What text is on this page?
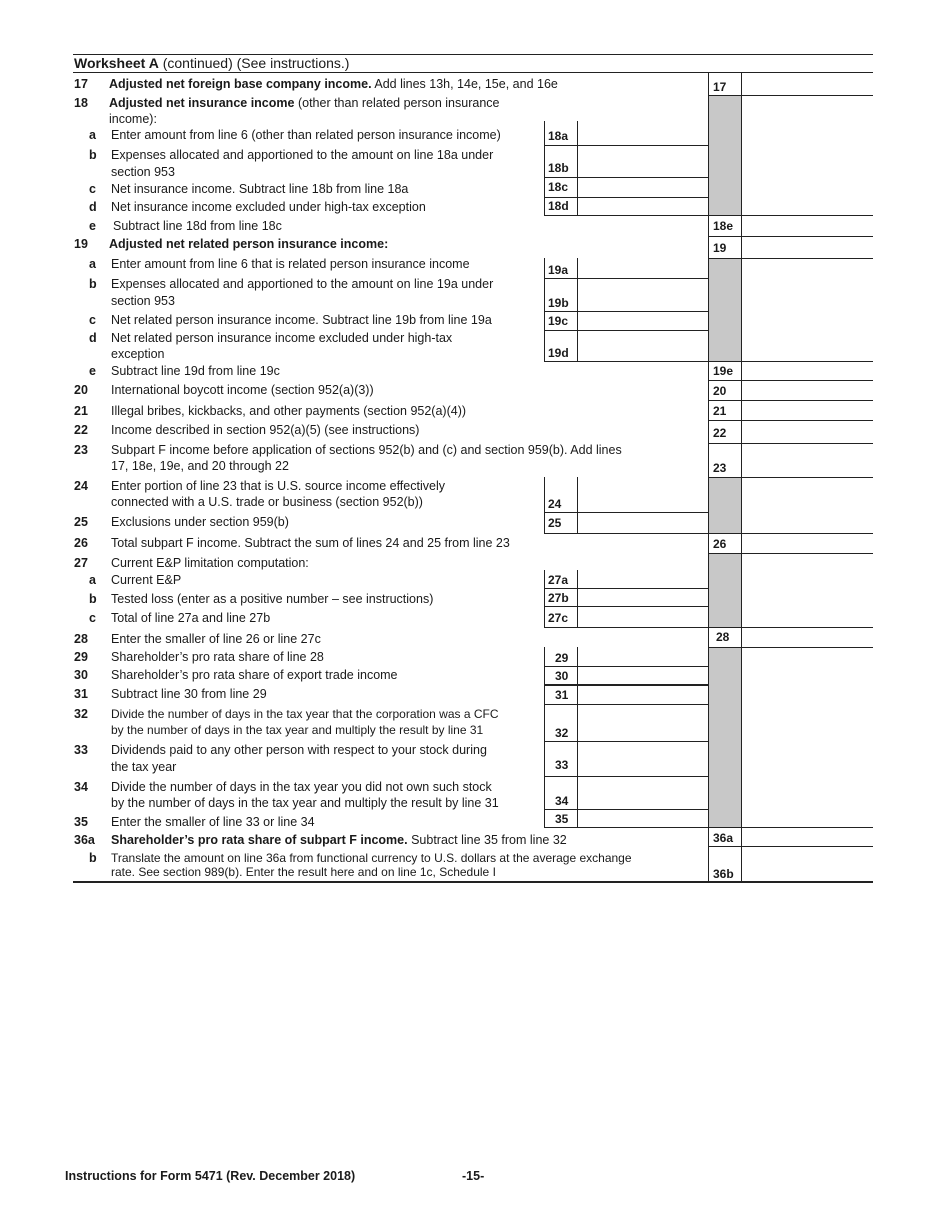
Worksheet A (continued) (See instructions.)
17 Adjusted net foreign base company income. Add lines 13h, 14e, 15e, and 16e	17
18 Adjusted net insurance income (other than related person insurance
income):
a Enter amount from line 6 (other than related person insurance income)	18a
b Expenses allocated and apportioned to the amount on line 18a under
section 953	18b
c Net insurance income. Subtract line 18b from line 18a	18c
d Net insurance income excluded under high-tax exception	18d
e Subtract line 18d from line 18c	18e
19 Adjusted net related person insurance income:	19
a Enter amount from line 6 that is related person insurance income	19a
b Expenses allocated and apportioned to the amount on line 19a under
section 953	19b
c Net related person insurance income. Subtract line 19b from line 19a	19c
d Net related person insurance income excluded under high-tax
exception	19d
e Subtract line 19d from line 19c	19e
20 International boycott income (section 952(a)(3))	20
21 Illegal bribes, kickbacks, and other payments (section 952(a)(4))	21
22 Income described in section 952(a)(5) (see instructions)	22
23 Subpart F income before application of sections 952(b) and (c) and section 959(b). Add lines
17, 18e, 19e, and 20 through 22	23
24 Enter portion of line 23 that is U.S. source income effectively
connected with a U.S. trade or business (section 952(b))	24
25 Exclusions under section 959(b)	25
26 Total subpart F income. Subtract the sum of lines 24 and 25 from line 23	26
27 Current E&P limitation computation:
a Current E&P	27a
b Tested loss (enter as a positive number – see instructions)	27b
c Total of line 27a and line 27b	27c
28 Enter the smaller of line 26 or line 27c	28
29 Shareholder’s pro rata share of line 28	29
30 Shareholder’s pro rata share of export trade income	30
31 Subtract line 30 from line 29	31
32 Divide the number of days in the tax year that the corporation was a CFC
by the number of days in the tax year and multiply the result by line 31	32
33 Dividends paid to any other person with respect to your stock during
the tax year	33
34 Divide the number of days in the tax year you did not own such stock
by the number of days in the tax year and multiply the result by line 31	34
35 Enter the smaller of line 33 or line 34	35
36a Shareholder’s pro rata share of subpart F income. Subtract line 35 from line 32	36a
b Translate the amount on line 36a from functional currency to U.S. dollars at the average exchange
rate. See section 989(b). Enter the result here and on line 1c, Schedule I	36b
Instructions for Form 5471 (Rev. December 2018)	-15-
